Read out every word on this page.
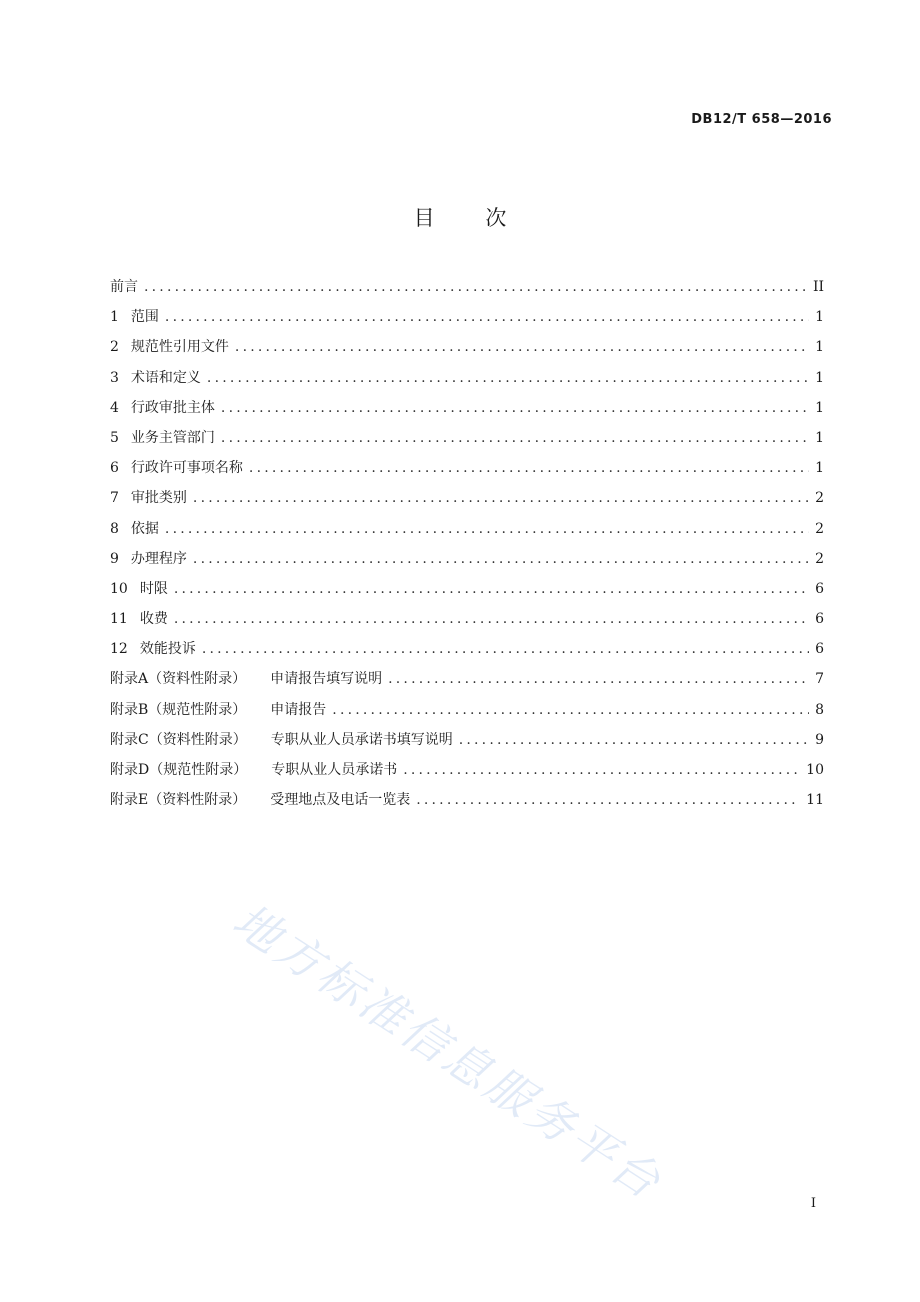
DB12/T 658—2016
目 次
前言 .....	II
1 范围 .....	1
2 规范性引用文件 .....	1
3 术语和定义 .....	1
4 行政审批主体 .....	1
5 业务主管部门 .....	1
6 行政许可事项名称 .....	1
7 审批类别 .....	2
8 依据 .....	2
9 办理程序 .....	2
10 时限 .....	6
11 收费 .....	6
12 效能投诉 .....	6
附录A（资料性附录） 申请报告填写说明 .....	7
附录B（规范性附录） 申请报告 .....	8
附录C（资料性附录） 专职从业人员承诺书填写说明 .....	9
附录D（规范性附录） 专职从业人员承诺书 .....	10
附录E（资料性附录） 受理地点及电话一览表 .....	11
地方标准信息服务平台	I
